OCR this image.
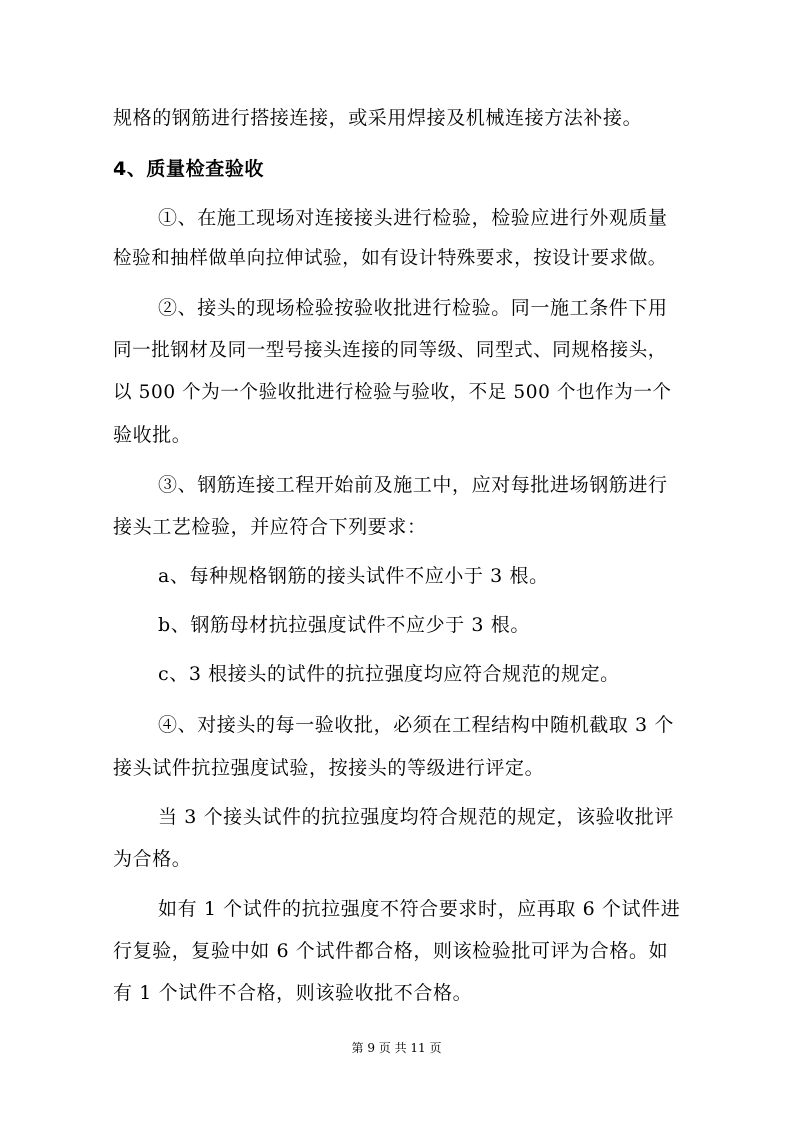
规格的钢筋进行搭接连接，或采用焊接及机械连接方法补接。
4、质量检查验收
①、在施工现场对连接接头进行检验，检验应进行外观质量
检验和抽样做单向拉伸试验，如有设计特殊要求，按设计要求做。
②、接头的现场检验按验收批进行检验。同一施工条件下用
同一批钢材及同一型号接头连接的同等级、同型式、同规格接头，
以 500 个为一个验收批进行检验与验收，不足 500 个也作为一个
验收批。
③、钢筋连接工程开始前及施工中，应对每批进场钢筋进行
接头工艺检验，并应符合下列要求：
a、每种规格钢筋的接头试件不应小于 3 根。
b、钢筋母材抗拉强度试件不应少于 3 根。
c、3 根接头的试件的抗拉强度均应符合规范的规定。
④、对接头的每一验收批，必须在工程结构中随机截取 3 个
接头试件抗拉强度试验，按接头的等级进行评定。
当 3 个接头试件的抗拉强度均符合规范的规定，该验收批评
为合格。
如有 1 个试件的抗拉强度不符合要求时，应再取 6 个试件进
行复验，复验中如 6 个试件都合格，则该检验批可评为合格。如
有 1 个试件不合格，则该验收批不合格。
第 9 页 共 11 页
